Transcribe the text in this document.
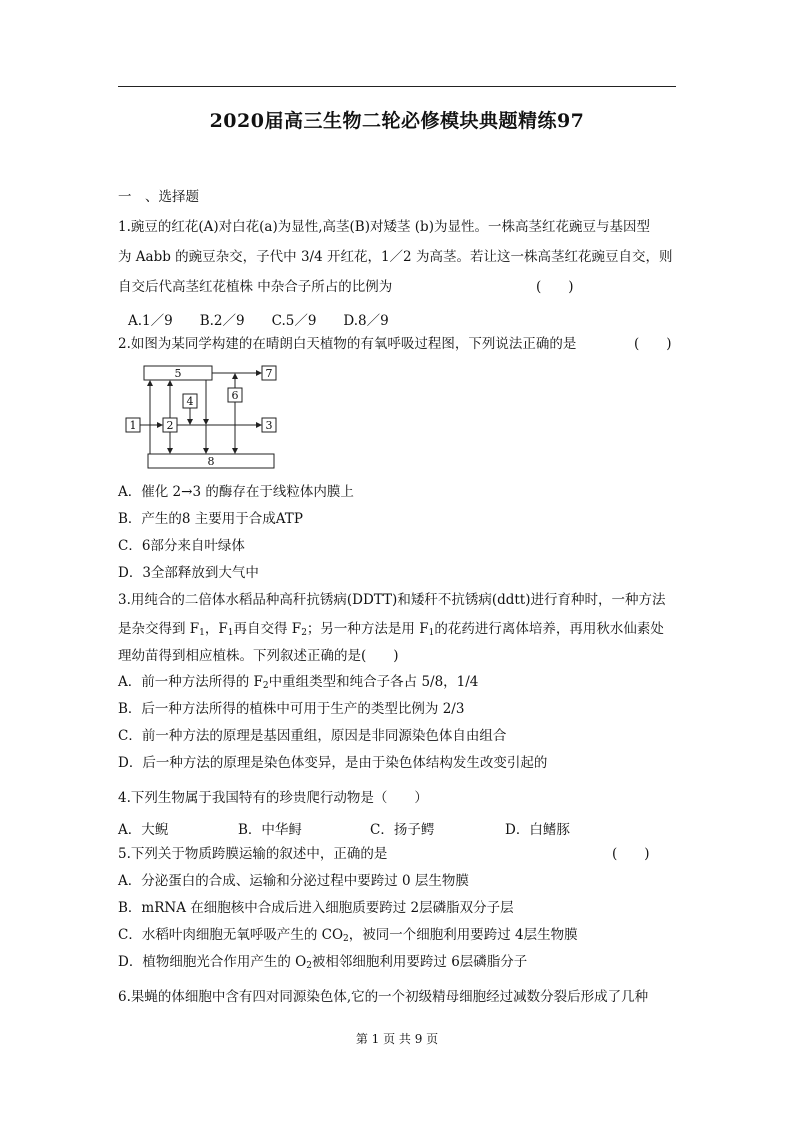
2020届高三生物二轮必修模块典题精练97
一　、选择题
1.豌豆的红花(A)对白花(a)为显性,高茎(B)对矮茎 (b)为显性。一株高茎红花豌豆与基因型
为 Aabb 的豌豆杂交，子代中 3/4 开红花，1／2 为高茎。若让这一株高茎红花豌豆自交，则
自交后代高茎红花植株 中杂合子所占的比例为	(　　)
A.1／9　　B.2／9　　C.5／9　　D.8／9
2.如图为某同学构建的在晴朗白天植物的有氧呼吸过程图，下列说法正确的是	(　　)
5	7
6
4
1	2	3
8
A．催化 2→3 的酶存在于线粒体内膜上
B．产生的8 主要用于合成ATP
C．6部分来自叶绿体
D．3全部释放到大气中
3.用纯合的二倍体水稻品种高秆抗锈病(DDTT)和矮秆不抗锈病(ddtt)进行育种时，一种方法
是杂交得到 $F_1$，$F_1$再自交得 $F_2$；另一种方法是用 $F_1$的花药进行离体培养，再用秋水仙素处
理幼苗得到相应植株。下列叙述正确的是(　　)
A．前一种方法所得的 $F_2$中重组类型和纯合子各占 5/8，1/4
B．后一种方法所得的植株中可用于生产的类型比例为 2/3
C．前一种方法的原理是基因重组，原因是非同源染色体自由组合
D．后一种方法的原理是染色体变异，是由于染色体结构发生改变引起的
4.下列生物属于我国特有的珍贵爬行动物是（　　）
A．大鲵	B．中华鲟	C．扬子鳄	D．白鳍豚
5.下列关于物质跨膜运输的叙述中，正确的是	(　　)
A．分泌蛋白的合成、运输和分泌过程中要跨过 0 层生物膜
B．mRNA 在细胞核中合成后进入细胞质要跨过 2层磷脂双分子层
C．水稻叶肉细胞无氧呼吸产生的 $CO_2$，被同一个细胞利用要跨过 4层生物膜
D．植物细胞光合作用产生的 $O_2$被相邻细胞利用要跨过 6层磷脂分子
6.果蝇的体细胞中含有四对同源染色体,它的一个初级精母细胞经过减数分裂后形成了几种
第 1 页 共 9 页
